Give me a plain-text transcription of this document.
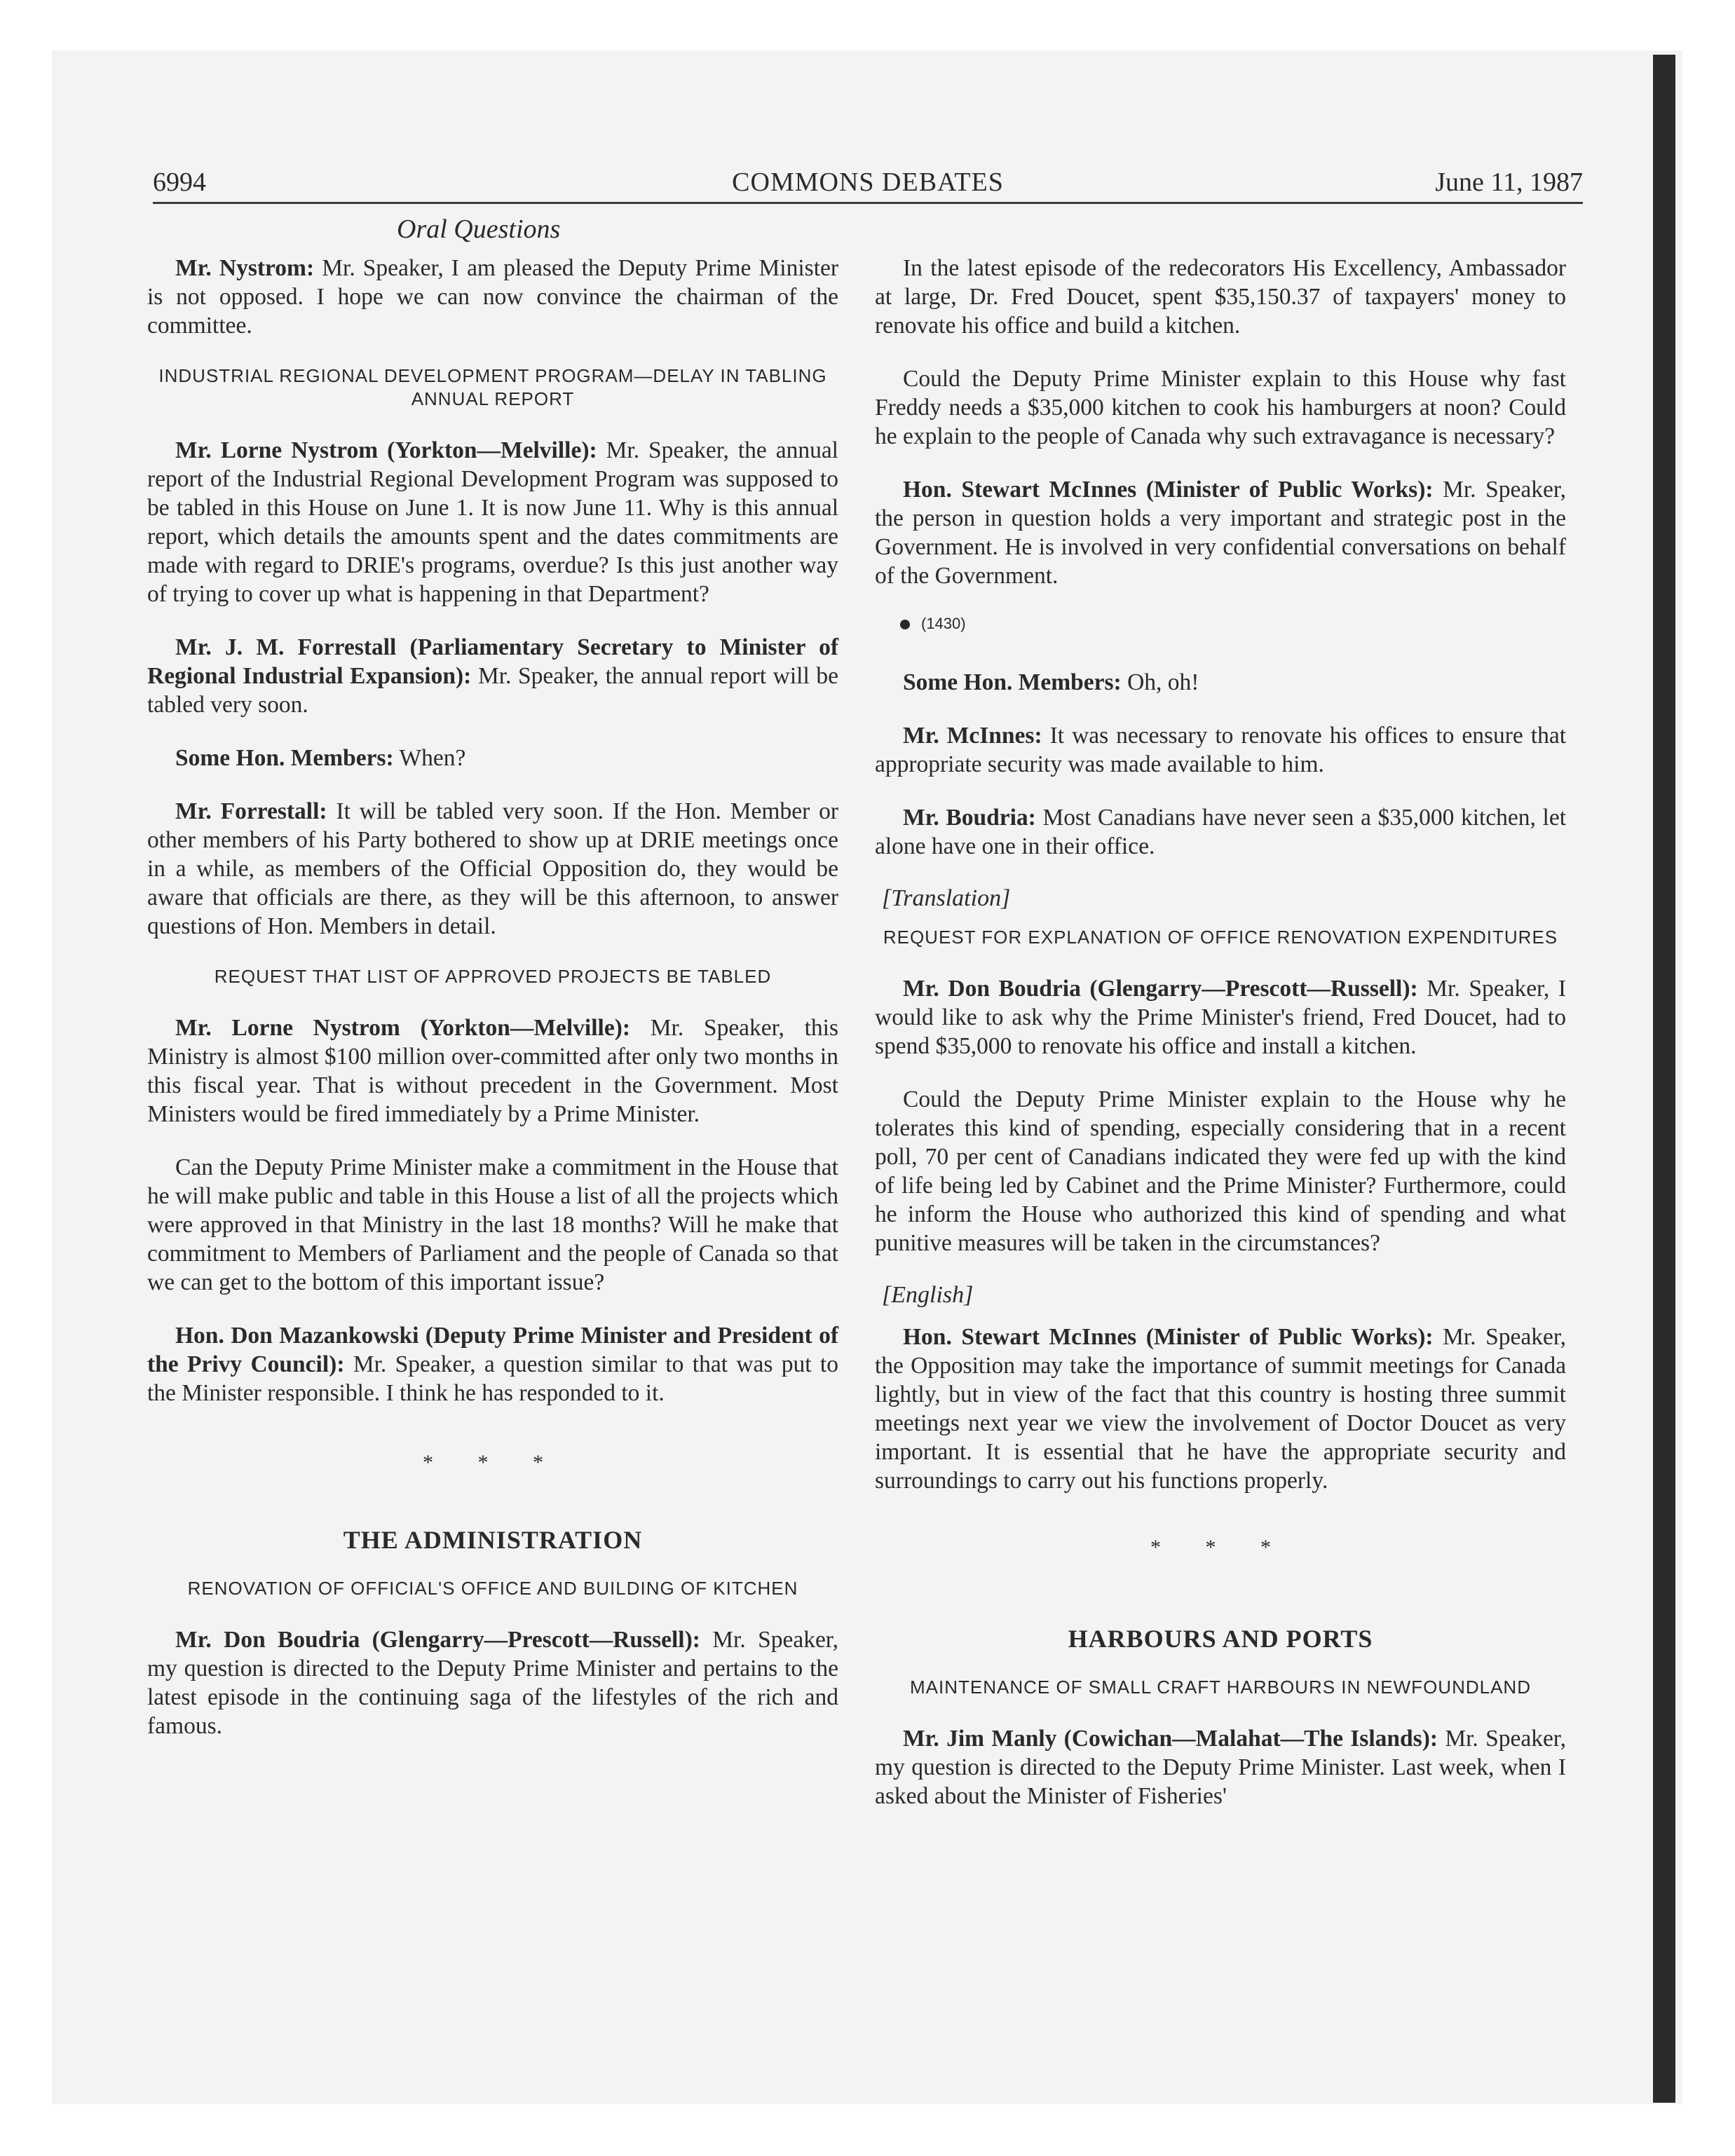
6994	COMMONS DEBATES	June 11, 1987
Oral Questions

Mr. Nystrom: Mr. Speaker, I am pleased the Deputy Prime Minister is not opposed. I hope we can now convince the chairman of the committee.

INDUSTRIAL REGIONAL DEVELOPMENT PROGRAM—DELAY IN TABLING ANNUAL REPORT

Mr. Lorne Nystrom (Yorkton—Melville): Mr. Speaker, the annual report of the Industrial Regional Development Program was supposed to be tabled in this House on June 1. It is now June 11. Why is this annual report, which details the amounts spent and the dates commitments are made with regard to DRIE's programs, overdue? Is this just another way of trying to cover up what is happening in that Department?

Mr. J. M. Forrestall (Parliamentary Secretary to Minister of Regional Industrial Expansion): Mr. Speaker, the annual report will be tabled very soon.

Some Hon. Members: When?

Mr. Forrestall: It will be tabled very soon. If the Hon. Member or other members of his Party bothered to show up at DRIE meetings once in a while, as members of the Official Opposition do, they would be aware that officials are there, as they will be this afternoon, to answer questions of Hon. Members in detail.

REQUEST THAT LIST OF APPROVED PROJECTS BE TABLED

Mr. Lorne Nystrom (Yorkton—Melville): Mr. Speaker, this Ministry is almost $100 million over-committed after only two months in this fiscal year. That is without precedent in the Government. Most Ministers would be fired immediately by a Prime Minister.

Can the Deputy Prime Minister make a commitment in the House that he will make public and table in this House a list of all the projects which were approved in that Ministry in the last 18 months? Will he make that commitment to Members of Parliament and the people of Canada so that we can get to the bottom of this important issue?

Hon. Don Mazankowski (Deputy Prime Minister and President of the Privy Council): Mr. Speaker, a question similar to that was put to the Minister responsible. I think he has responded to it.

* * *
THE ADMINISTRATION
RENOVATION OF OFFICIAL'S OFFICE AND BUILDING OF KITCHEN

Mr. Don Boudria (Glengarry—Prescott—Russell): Mr. Speaker, my question is directed to the Deputy Prime Minister and pertains to the latest episode in the continuing saga of the lifestyles of the rich and famous.

In the latest episode of the redecorators His Excellency, Ambassador at large, Dr. Fred Doucet, spent $35,150.37 of taxpayers' money to renovate his office and build a kitchen.

Could the Deputy Prime Minister explain to this House why fast Freddy needs a $35,000 kitchen to cook his hamburgers at noon? Could he explain to the people of Canada why such extravagance is necessary?

Hon. Stewart McInnes (Minister of Public Works): Mr. Speaker, the person in question holds a very important and strategic post in the Government. He is involved in very confidential conversations on behalf of the Government.

(1430)

Some Hon. Members: Oh, oh!

Mr. McInnes: It was necessary to renovate his offices to ensure that appropriate security was made available to him.

Mr. Boudria: Most Canadians have never seen a $35,000 kitchen, let alone have one in their office.

[Translation]
REQUEST FOR EXPLANATION OF OFFICE RENOVATION EXPENDITURES

Mr. Don Boudria (Glengarry—Prescott—Russell): Mr. Speaker, I would like to ask why the Prime Minister's friend, Fred Doucet, had to spend $35,000 to renovate his office and install a kitchen.

Could the Deputy Prime Minister explain to the House why he tolerates this kind of spending, especially considering that in a recent poll, 70 per cent of Canadians indicated they were fed up with the kind of life being led by Cabinet and the Prime Minister? Furthermore, could he inform the House who authorized this kind of spending and what punitive measures will be taken in the circumstances?

[English]

Hon. Stewart McInnes (Minister of Public Works): Mr. Speaker, the Opposition may take the importance of summit meetings for Canada lightly, but in view of the fact that this country is hosting three summit meetings next year we view the involvement of Doctor Doucet as very important. It is essential that he have the appropriate security and surroundings to carry out his functions properly.

* * *
HARBOURS AND PORTS
MAINTENANCE OF SMALL CRAFT HARBOURS IN NEWFOUNDLAND

Mr. Jim Manly (Cowichan—Malahat—The Islands): Mr. Speaker, my question is directed to the Deputy Prime Minister. Last week, when I asked about the Minister of Fisheries'
